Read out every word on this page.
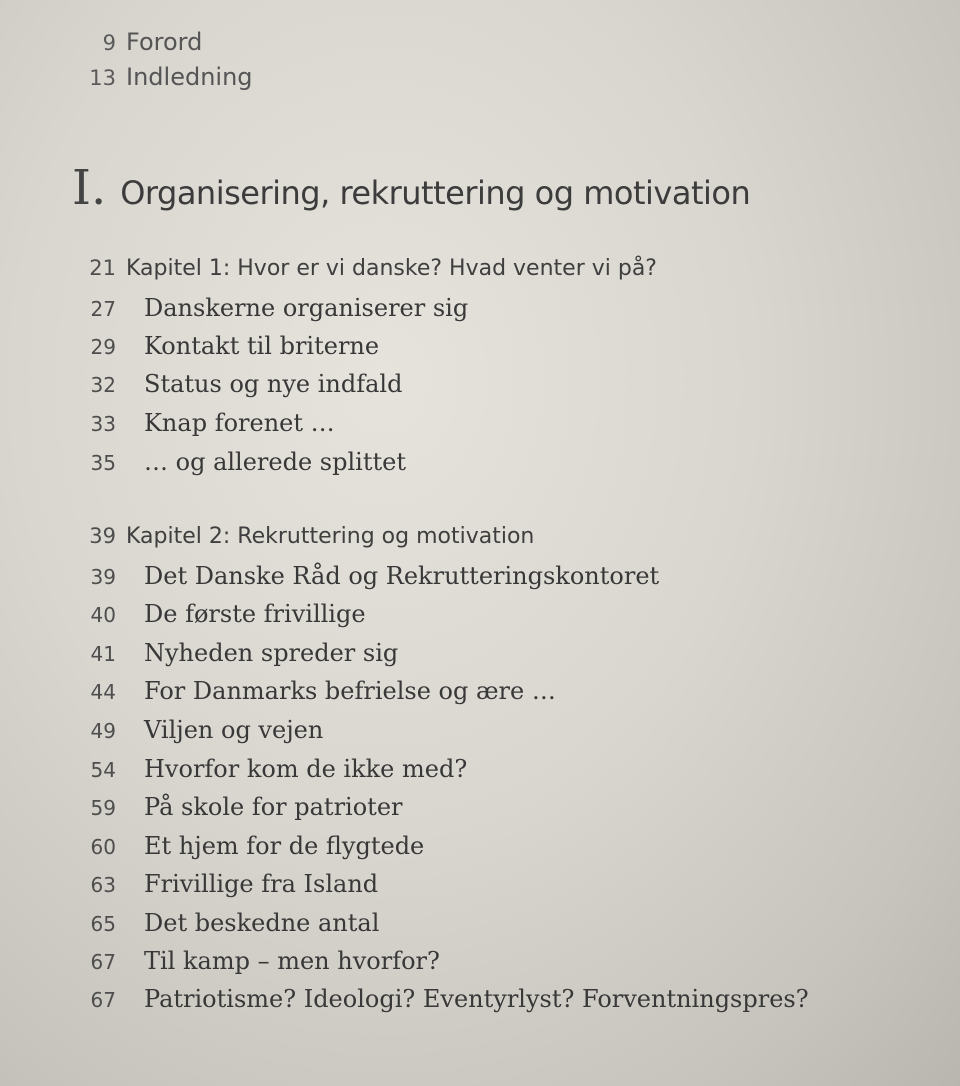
9 Forord
13 Indledning
I. Organisering, rekruttering og motivation
21 Kapitel 1: Hvor er vi danske? Hvad venter vi på?
27 Danskerne organiserer sig
29 Kontakt til briterne
32 Status og nye indfald
33 Knap forenet …
35 … og allerede splittet
39 Kapitel 2: Rekruttering og motivation
39 Det Danske Råd og Rekrutteringskontoret
40 De første frivillige
41 Nyheden spreder sig
44 For Danmarks befrielse og ære …
49 Viljen og vejen
54 Hvorfor kom de ikke med?
59 På skole for patrioter
60 Et hjem for de flygtede
63 Frivillige fra Island
65 Det beskedne antal
67 Til kamp – men hvorfor?
67 Patriotisme? Ideologi? Eventyrlyst? Forventningspres?
